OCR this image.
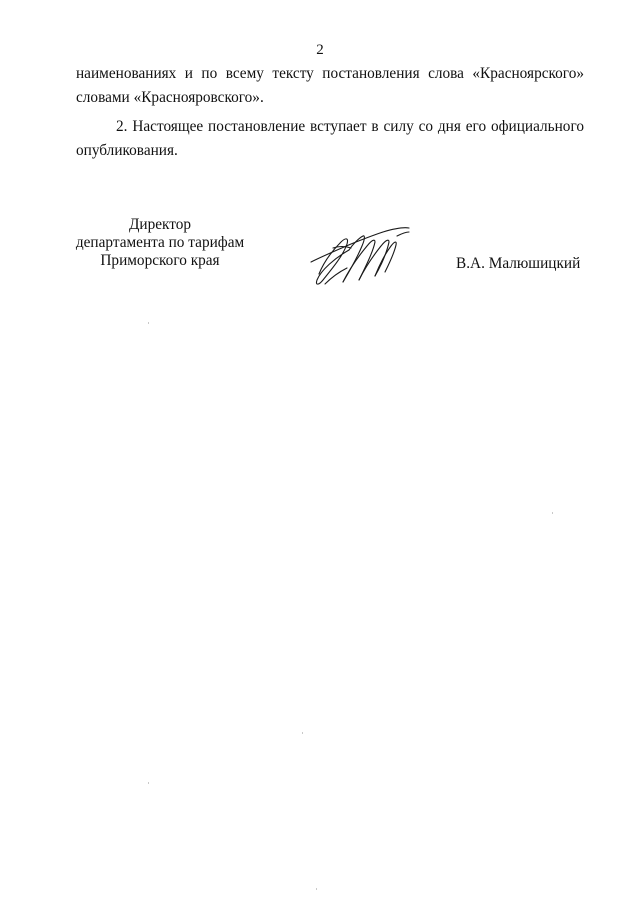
2

наименованиях и по всему тексту постановления слова «Красноярского»
словами «Краснояровского».

2. Настоящее постановление вступает в силу со дня его официального
опубликования.

Директор
департамента по тарифам
Приморского края	В.А. Малюшицкий
